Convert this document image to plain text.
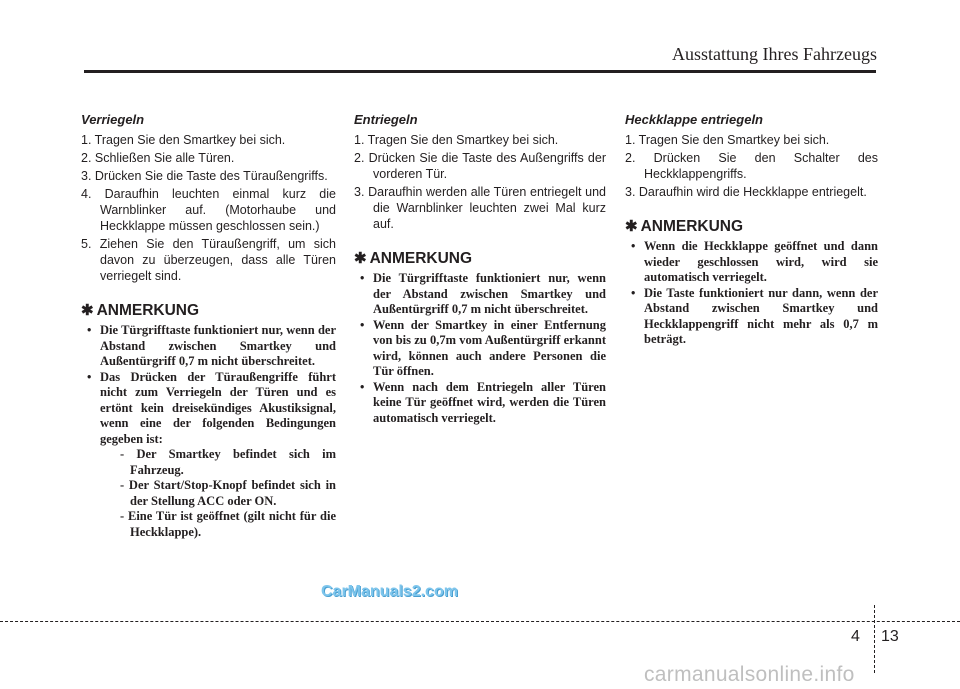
Ausstattung Ihres Fahrzeugs
Verriegeln
1. Tragen Sie den Smartkey bei sich.
2. Schließen Sie alle Türen.
3. Drücken Sie die Taste des Türaußengriffs.
4. Daraufhin leuchten einmal kurz die Warnblinker auf. (Motorhaube und Heckklappe müssen geschlossen sein.)
5. Ziehen Sie den Türaußengriff, um sich davon zu überzeugen, dass alle Türen verriegelt sind.
✱ ANMERKUNG
• Die Türgrifftaste funktioniert nur, wenn der Abstand zwischen Smartkey und Außentürgriff 0,7 m nicht überschreitet.
• Das Drücken der Türaußengriffe führt nicht zum Verriegeln der Türen und es ertönt kein dreisekündiges Akustiksignal, wenn eine der folgenden Bedingungen gegeben ist:
- Der Smartkey befindet sich im Fahrzeug.
- Der Start/Stop-Knopf befindet sich in der Stellung ACC oder ON.
- Eine Tür ist geöffnet (gilt nicht für die Heckklappe).
Entriegeln
1. Tragen Sie den Smartkey bei sich.
2. Drücken Sie die Taste des Außengriffs der vorderen Tür.
3. Daraufhin werden alle Türen entriegelt und die Warnblinker leuchten zwei Mal kurz auf.
✱ ANMERKUNG
• Die Türgrifftaste funktioniert nur, wenn der Abstand zwischen Smartkey und Außentürgriff 0,7 m nicht überschreitet.
• Wenn der Smartkey in einer Entfernung von bis zu 0,7m vom Außentürgriff erkannt wird, können auch andere Personen die Tür öffnen.
• Wenn nach dem Entriegeln aller Türen keine Tür geöffnet wird, werden die Türen automatisch verriegelt.
Heckklappe entriegeln
1. Tragen Sie den Smartkey bei sich.
2. Drücken Sie den Schalter des Heckklappengriffs.
3. Daraufhin wird die Heckklappe entriegelt.
✱ ANMERKUNG
• Wenn die Heckklappe geöffnet und dann wieder geschlossen wird, wird sie automatisch verriegelt.
• Die Taste funktioniert nur dann, wenn der Abstand zwischen Smartkey und Heckklappengriff nicht mehr als 0,7 m beträgt.
CarManuals2.com
4 13
carmanualsonline.info
